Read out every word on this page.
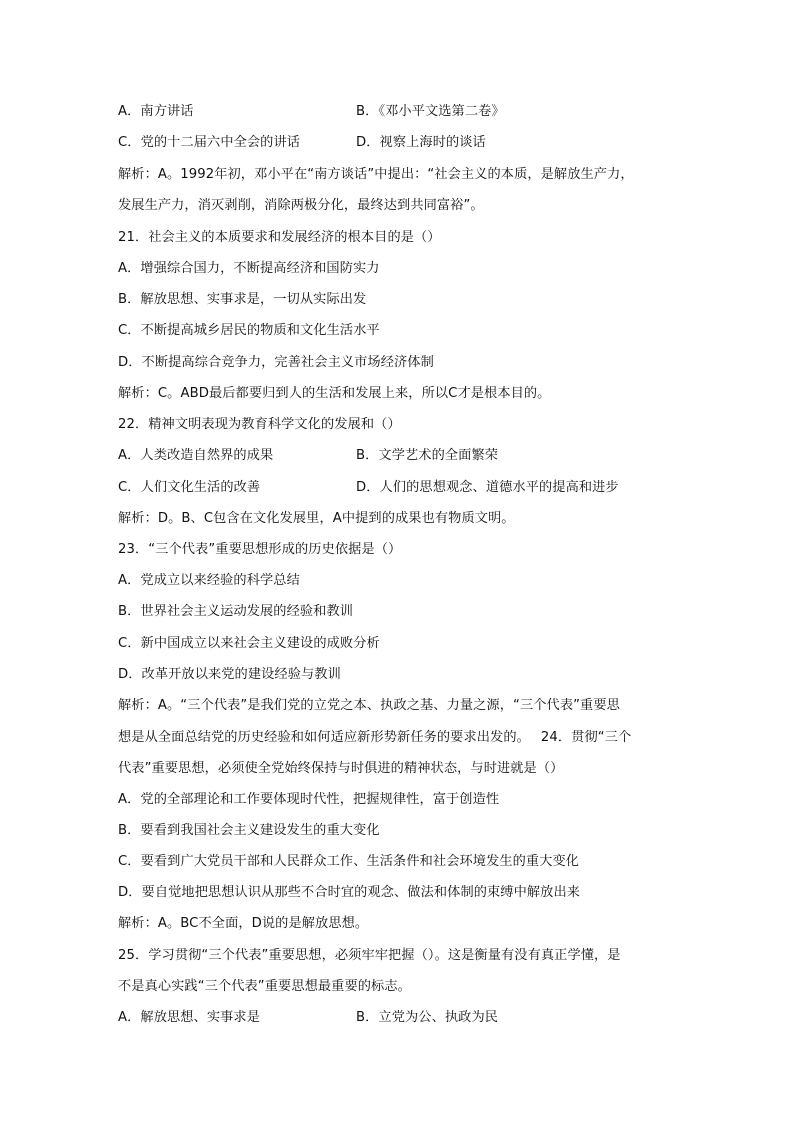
A．南方讲话	B．《邓小平文选第二卷》
C．党的十二届六中全会的讲话	D．视察上海时的谈话
解析：A。1992年初，邓小平在“南方谈话”中提出：“社会主义的本质，是解放生产力，
发展生产力，消灭剥削，消除两极分化，最终达到共同富裕”。
21．社会主义的本质要求和发展经济的根本目的是（）
A．增强综合国力，不断提高经济和国防实力
B．解放思想、实事求是，一切从实际出发
C．不断提高城乡居民的物质和文化生活水平
D．不断提高综合竞争力，完善社会主义市场经济体制
解析：C。ABD最后都要归到人的生活和发展上来，所以C才是根本目的。
22．精神文明表现为教育科学文化的发展和（）
A．人类改造自然界的成果	B．文学艺术的全面繁荣
C．人们文化生活的改善	D．人们的思想观念、道德水平的提高和进步
解析：D。B、C包含在文化发展里，A中提到的成果也有物质文明。
23．“三个代表”重要思想形成的历史依据是（）
A．党成立以来经验的科学总结
B．世界社会主义运动发展的经验和教训
C．新中国成立以来社会主义建设的成败分析
D．改革开放以来党的建设经验与教训
解析：A。“三个代表”是我们党的立党之本、执政之基、力量之源，“三个代表”重要思
想是从全面总结党的历史经验和如何适应新形势新任务的要求出发的。　 24．贯彻“三个
代表”重要思想，必须使全党始终保持与时俱进的精神状态，与时进就是（）
A．党的全部理论和工作要体现时代性，把握规律性，富于创造性
B．要看到我国社会主义建设发生的重大变化
C．要看到广大党员干部和人民群众工作、生活条件和社会环境发生的重大变化
D．要自觉地把思想认识从那些不合时宜的观念、做法和体制的束缚中解放出来
解析：A。BC不全面，D说的是解放思想。
25．学习贯彻“三个代表”重要思想，必须牢牢把握（）。这是衡量有没有真正学懂，是
不是真心实践“三个代表”重要思想最重要的标志。
A．解放思想、实事求是	B．立党为公、执政为民
